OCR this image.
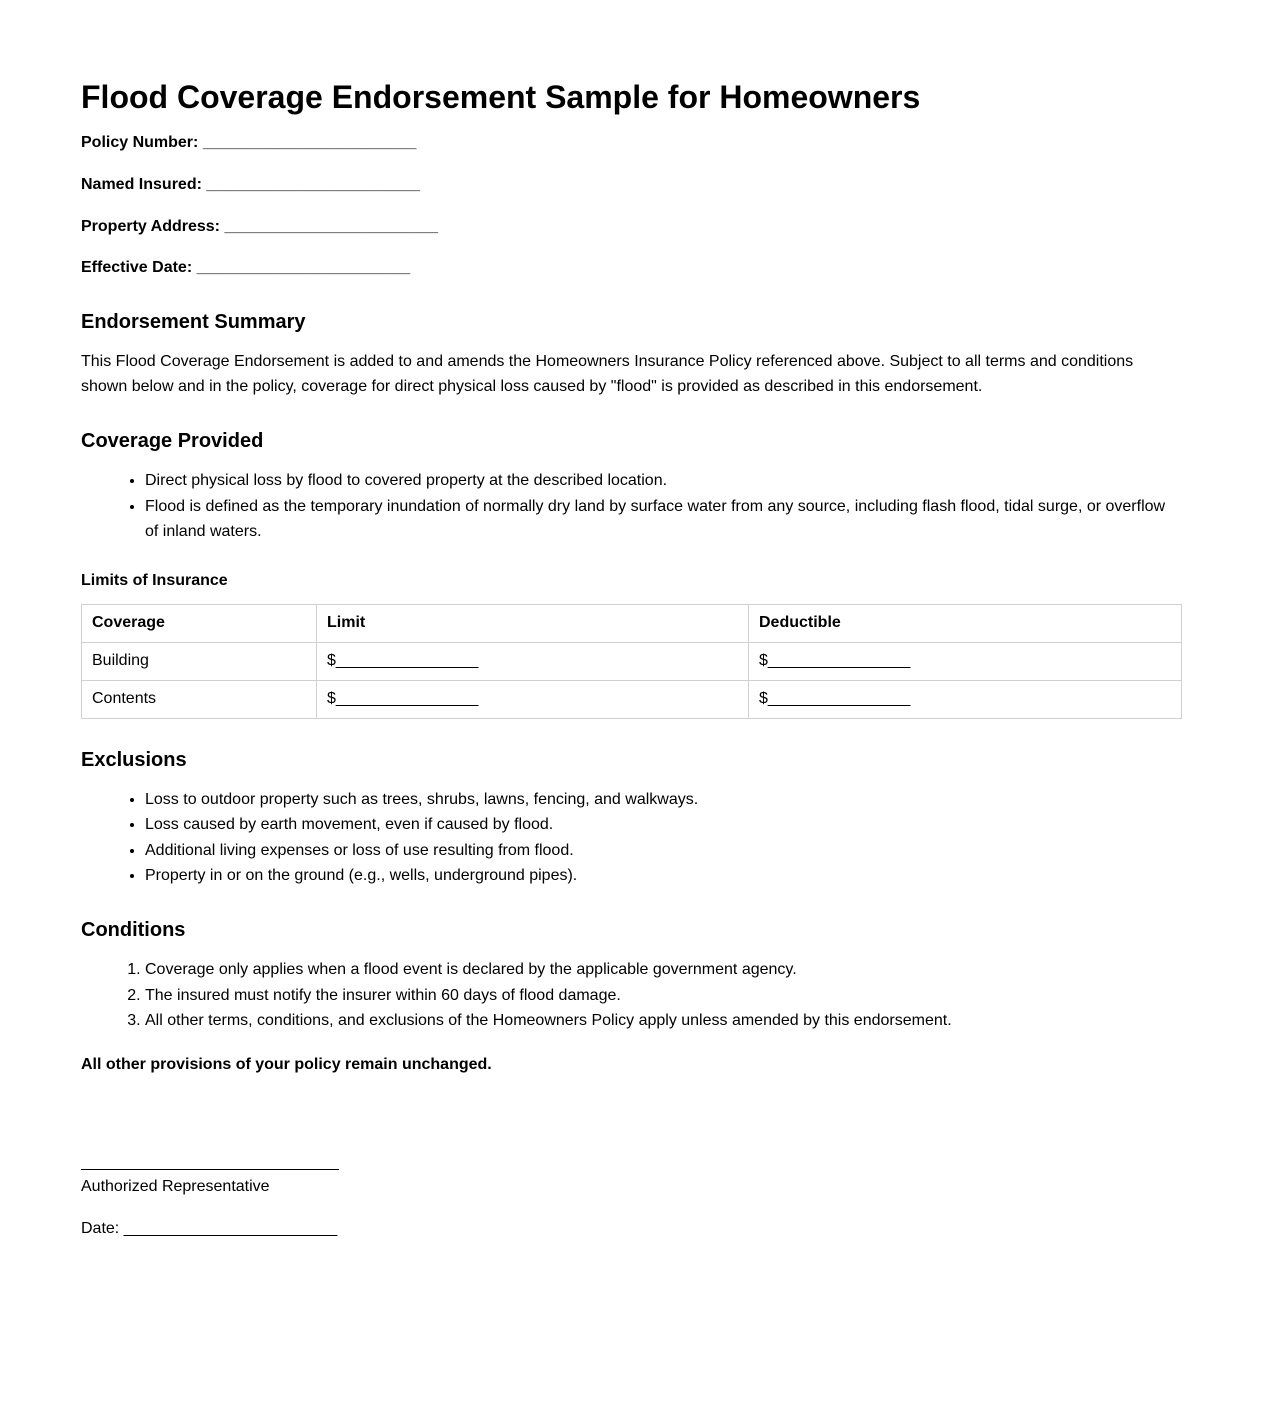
Flood Coverage Endorsement Sample for Homeowners
Policy Number: ________________________
Named Insured: ________________________
Property Address: ________________________
Effective Date: ________________________
Endorsement Summary

This Flood Coverage Endorsement is added to and amends the Homeowners Insurance Policy referenced above. Subject to all terms and conditions shown below and in the policy, coverage for direct physical loss caused by "flood" is provided as described in this endorsement.

Coverage Provided
• Direct physical loss by flood to covered property at the described location.
• Flood is defined as the temporary inundation of normally dry land by surface water from any source, including flash flood, tidal surge, or overflow of inland waters.
Limits of Insurance
Coverage	Limit	Deductible
Building	$________________	$________________
Contents	$________________	$________________
Exclusions
• Loss to outdoor property such as trees, shrubs, lawns, fencing, and walkways.
• Loss caused by earth movement, even if caused by flood.
• Additional living expenses or loss of use resulting from flood.
• Property in or on the ground (e.g., wells, underground pipes).
Conditions
1. Coverage only applies when a flood event is declared by the applicable government agency.
2. The insured must notify the insurer within 60 days of flood damage.
3. All other terms, conditions, and exclusions of the Homeowners Policy apply unless amended by this endorsement.

All other provisions of your policy remain unchanged.

Authorized Representative
Date: ________________________
